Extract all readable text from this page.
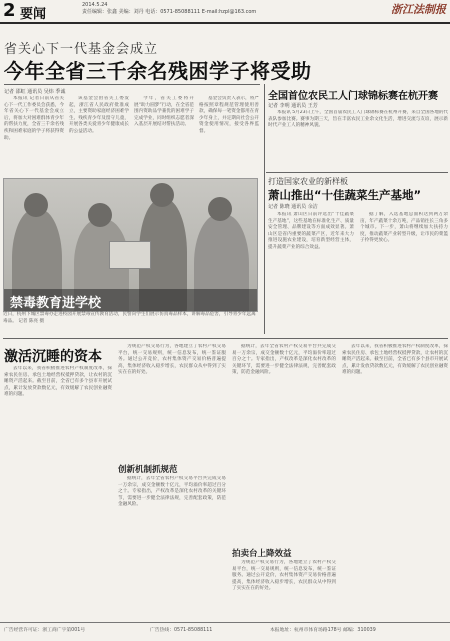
2 要闻
2014.5.24
责任编辑：张鑫 美编：刘丹 电话：0571-85088111 E-mail:hzpl@163.com	浙江法制报
省关心下一代基金会成立
今年全省三千余名残困学子将受助
记者 邵虹 通讯员 吴炜 季诚

本报讯 记者日前从省关心下一代工作委员会获悉，今年省关心下一代基金会成立后，将加大对困难群体青少年的帮扶力度，全省三千余名残疾和困难家庭的学子将获得资助。

该基金会由省关工委发起，浙江省人民政府批准成立，主要资助家庭经济困难学生、残疾青少年及留守儿童，开展各类关爱青少年健康成长的公益活动。

今年，省关工委将开展“助力圆梦”行动，在全省范围内资助品学兼优的困难学子完成学业，同时组织志愿者深入基层开展结对帮扶活动。

基金会负责人表示，将严格按照章程规范管理使用善款，确保每一笔资金都用在青少年身上，并定期向社会公开资金使用情况，接受各界监督。

禁毒教育进学校
近日，杭州下城区禁毒办走进校园开展禁毒宣传教育活动，民警向学生们展示仿真毒品样本，讲解毒品危害，引导青少年远离毒品。 记者 陈亮 摄
全国首位农民工人门球锦标赛在杭开赛
记者 李明 通讯员 王芳

本报讯 5月23日上午，全国首届农民工人门球锦标赛在杭州开赛，来自全国各地的代表队参加比赛。赛事为期三天，旨在丰富农民工业余文化生活，增进交流与友谊，展示新时代产业工人的精神风貌。

打造国家农业的新样板
萧山推出“十佳蔬菜生产基地”
记者 陈晓 通讯员 余洁

本报讯 萧山区日前评选出“十佳蔬菜生产基地”，这些基地在标准化生产、质量安全管理、品牌建设等方面成效显著。萧山区是省内重要的蔬菜产区，近年来大力推进设施农业建设，培育新型经营主体，提升蔬菜产业的综合效益。

据了解，入选基地总面积达到两万余亩，年产蔬菜十余万吨，产品销往长三角多个城市。下一步，萧山将继续加大扶持力度，推动蔬菜产业转型升级，让市民的菜篮子拎得更放心。

激活沉睡的资本

去年以来，我省积极推进农村产权制度改革，探索农民住房、承包土地经营权抵押贷款，让农村的沉睡资产活起来。截至目前，全省已有多个县市开展试点，累计发放贷款数亿元，有效缓解了农民创业融资难的问题。

创新机制抓规范

为规范产权交易行为，各地建立了农村产权交易平台，统一交易规则，统一信息发布，统一鉴证服务。通过公开竞价，农村集体资产交易价格普遍提高，集体经济收入稳步增长，农民群众从中得到了实实在在的好处。

据统计，去年全省农村产权交易平台共完成交易一万余宗，成交金额数十亿元，平均溢价率超过百分之十。专家指出，产权改革是深化农村改革的关键环节，需要进一步健全法律法规，完善配套政策，防范金融风险。

拍卖台上降效益

据统计，去年全省农村产权交易平台共完成交易一万余宗，成交金额数十亿元，平均溢价率超过百分之十。专家指出，产权改革是深化农村改革的关键环节，需要进一步健全法律法规，完善配套政策，防范金融风险。

为规范产权交易行为，各地建立了农村产权交易平台，统一交易规则，统一信息发布，统一鉴证服务。通过公开竞价，农村集体资产交易价格普遍提高，集体经济收入稳步增长，农民群众从中得到了实实在在的好处。

去年以来，我省积极推进农村产权制度改革，探索农民住房、承包土地经营权抵押贷款，让农村的沉睡资产活起来。截至目前，全省已有多个县市开展试点，累计发放贷款数亿元，有效缓解了农民创业融资难的问题。

广告经营许可证：浙工商广字第001号	广告热线：0571-85088111	本报地址：杭州市体育场路178号 邮编：310039
